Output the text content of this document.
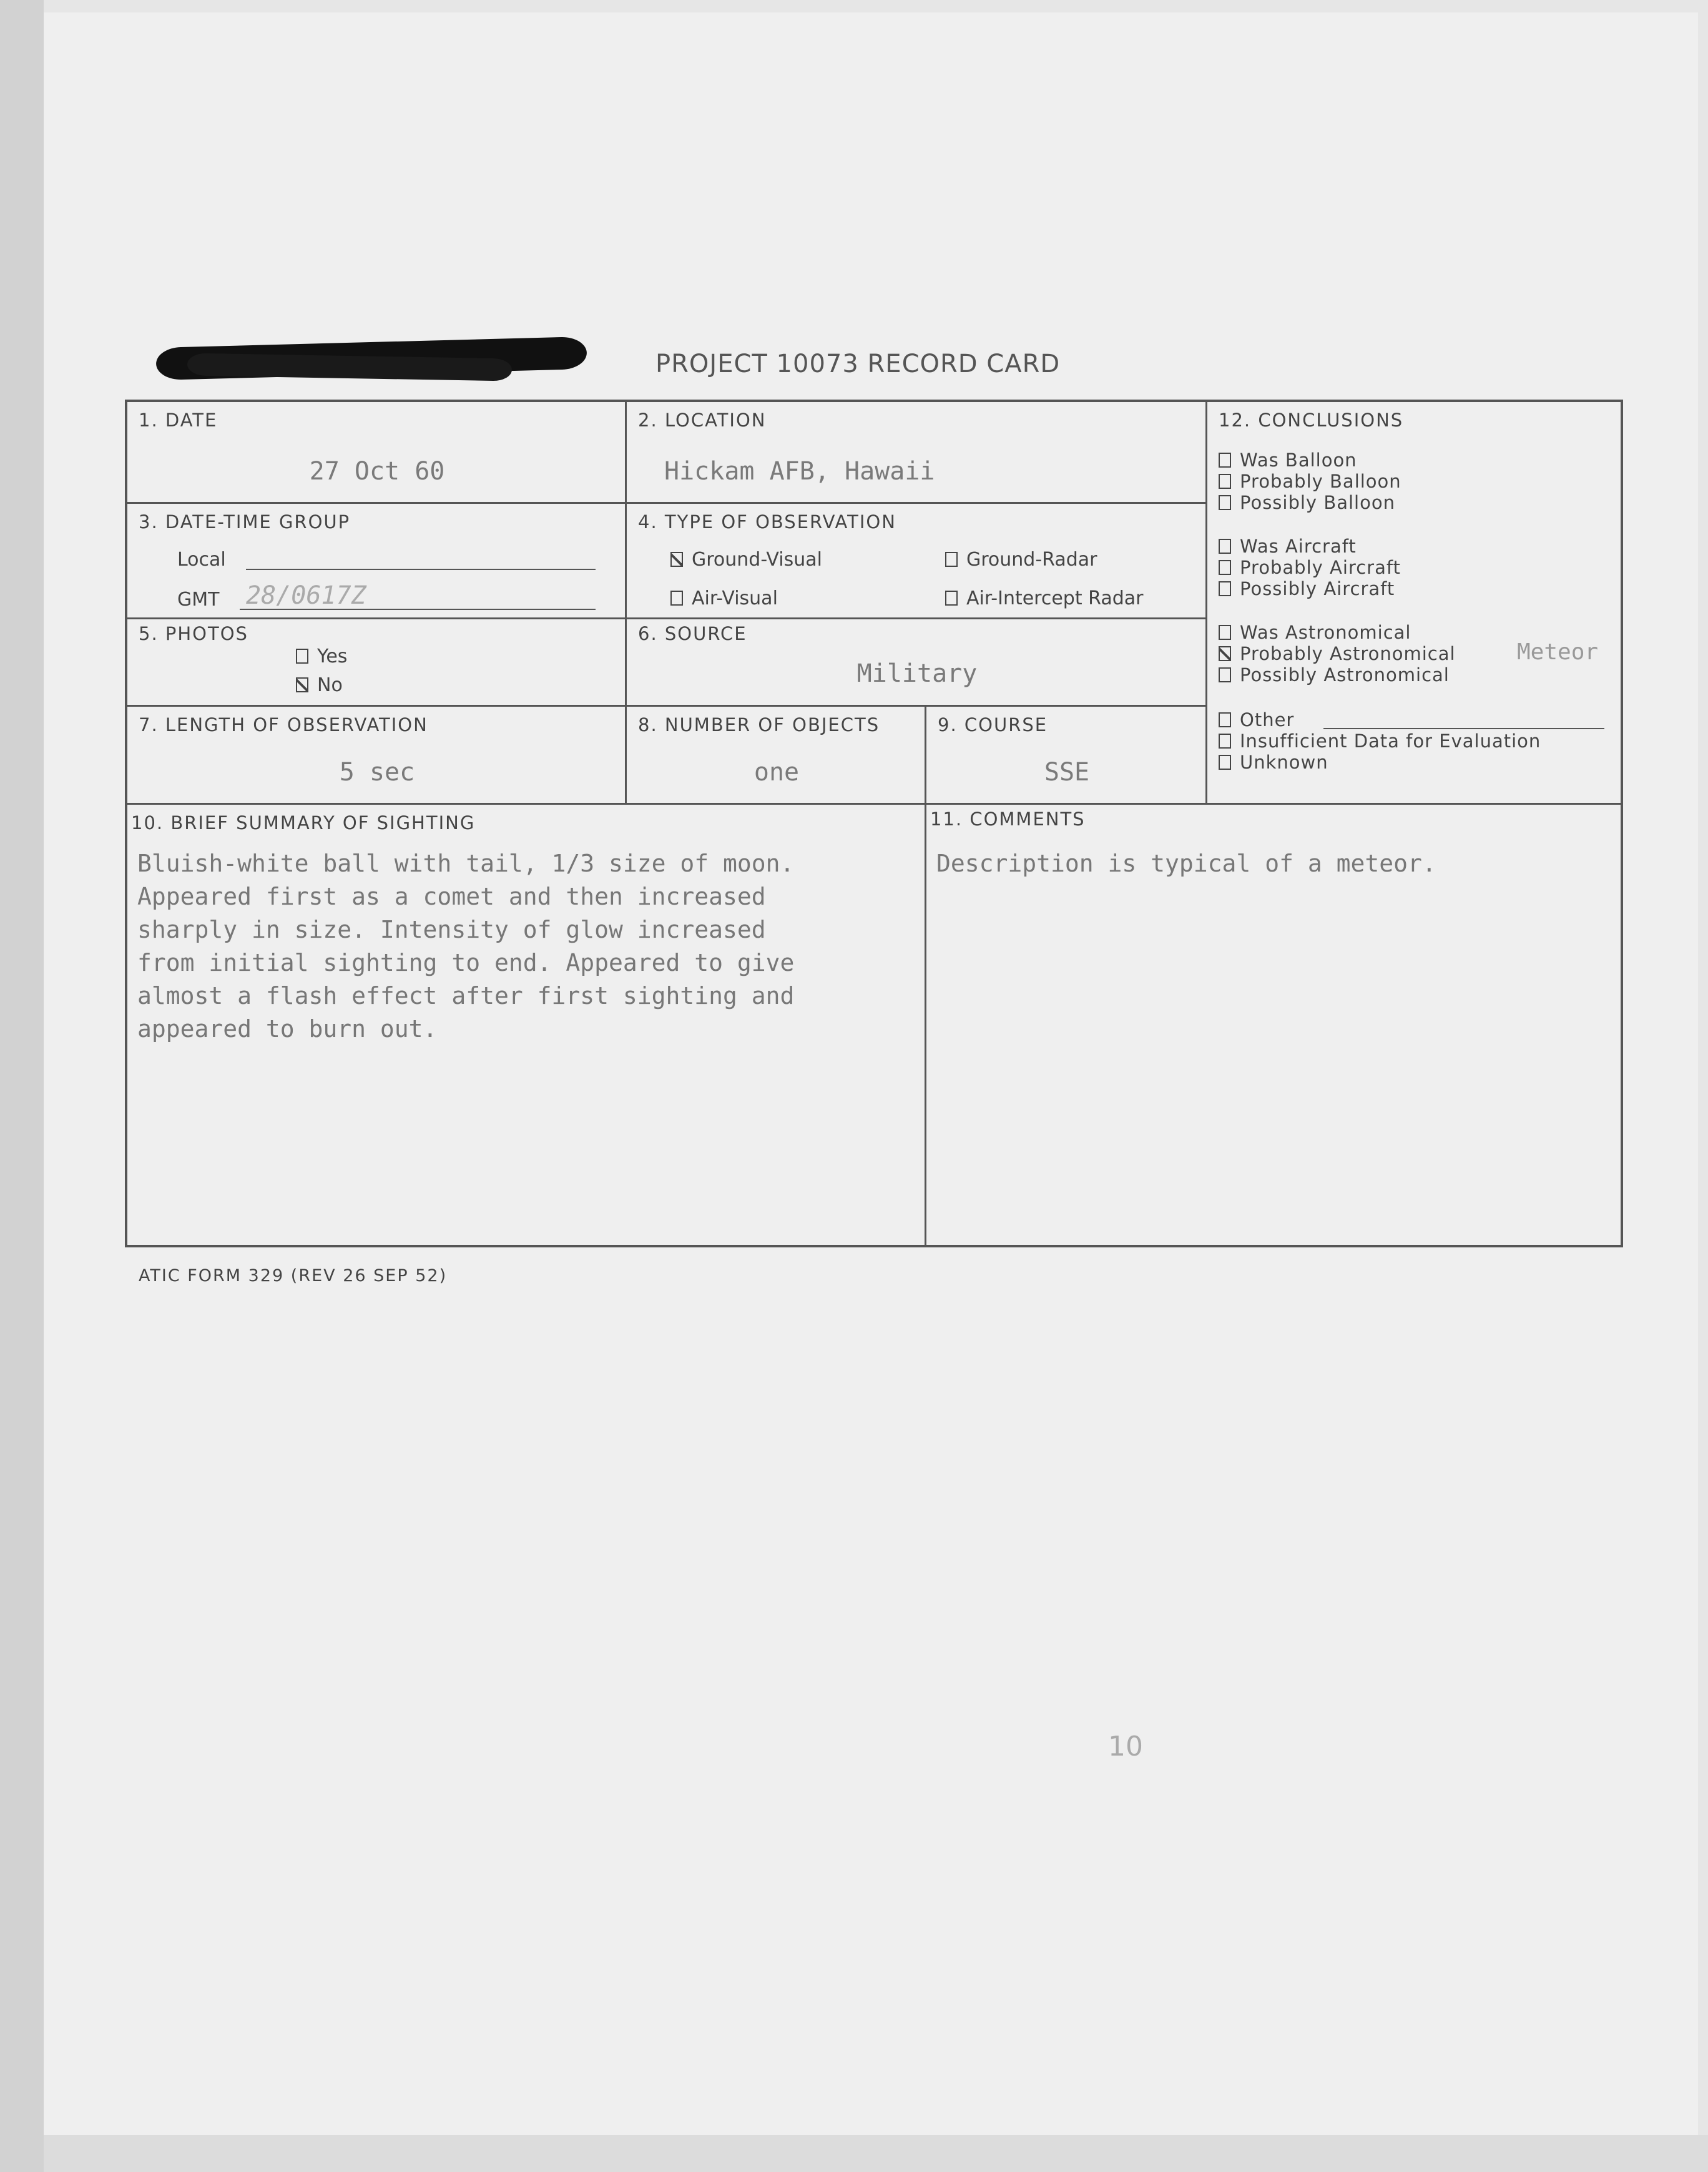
PROJECT 10073 RECORD CARD
1. DATE
27 Oct 60
2. LOCATION
Hickam AFB, Hawaii
12. CONCLUSIONS
Was Balloon
Probably Balloon
Possibly Balloon
Was Aircraft
Probably Aircraft
Possibly Aircraft
Was Astronomical
Probably Astronomical	Meteor
Possibly Astronomical
Other
Insufficient Data for Evaluation
Unknown
3. DATE-TIME GROUP
Local
GMT 28/0617Z
4. TYPE OF OBSERVATION
Ground-Visual	Ground-Radar
Air-Visual	Air-Intercept Radar
5. PHOTOS
Yes
No
6. SOURCE
Military
7. LENGTH OF OBSERVATION
5 sec
8. NUMBER OF OBJECTS
one
9. COURSE
SSE
10. BRIEF SUMMARY OF SIGHTING
Bluish-white ball with tail, 1/3 size of moon.
Appeared first as a comet and then increased
sharply in size. Intensity of glow increased
from initial sighting to end. Appeared to give
almost a flash effect after first sighting and
appeared to burn out.
11. COMMENTS
Description is typical of a meteor.
ATIC FORM 329 (REV 26 SEP 52)
10
